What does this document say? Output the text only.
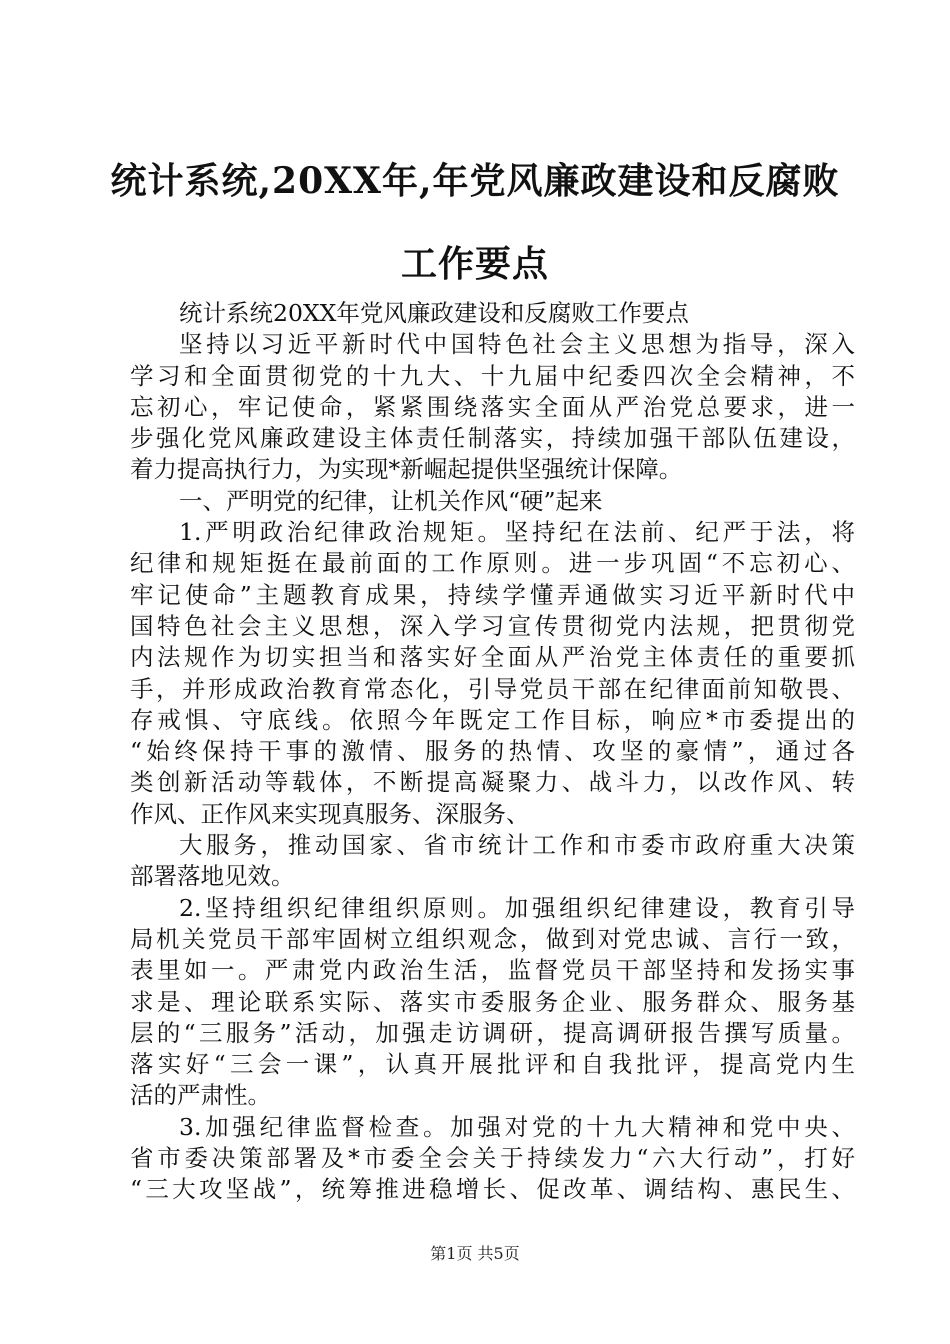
统计系统,20XX年,年党风廉政建设和反腐败
工作要点
统计系统20XX年党风廉政建设和反腐败工作要点
坚持以习近平新时代中国特色社会主义思想为指导，深入
学习和全面贯彻党的十九大、十九届中纪委四次全会精神，不
忘初心，牢记使命，紧紧围绕落实全面从严治党总要求，进一
步强化党风廉政建设主体责任制落实，持续加强干部队伍建设，
着力提高执行力，为实现*新崛起提供坚强统计保障。
一、严明党的纪律，让机关作风“硬”起来
1.严明政治纪律政治规矩。坚持纪在法前、纪严于法，将
纪律和规矩挺在最前面的工作原则。进一步巩固“不忘初心、
牢记使命”主题教育成果，持续学懂弄通做实习近平新时代中
国特色社会主义思想，深入学习宣传贯彻党内法规，把贯彻党
内法规作为切实担当和落实好全面从严治党主体责任的重要抓
手，并形成政治教育常态化，引导党员干部在纪律面前知敬畏、
存戒惧、守底线。依照今年既定工作目标，响应*市委提出的
“始终保持干事的激情、服务的热情、攻坚的豪情”，通过各
类创新活动等载体，不断提高凝聚力、战斗力，以改作风、转
作风、正作风来实现真服务、深服务、
大服务，推动国家、省市统计工作和市委市政府重大决策
部署落地见效。
2.坚持组织纪律组织原则。加强组织纪律建设，教育引导
局机关党员干部牢固树立组织观念，做到对党忠诚、言行一致，
表里如一。严肃党内政治生活，监督党员干部坚持和发扬实事
求是、理论联系实际、落实市委服务企业、服务群众、服务基
层的“三服务”活动，加强走访调研，提高调研报告撰写质量。
落实好“三会一课”，认真开展批评和自我批评，提高党内生
活的严肃性。
3.加强纪律监督检查。加强对党的十九大精神和党中央、
省市委决策部署及*市委全会关于持续发力“六大行动”，打好
“三大攻坚战”，统筹推进稳增长、促改革、调结构、惠民生、
第1页 共5页
